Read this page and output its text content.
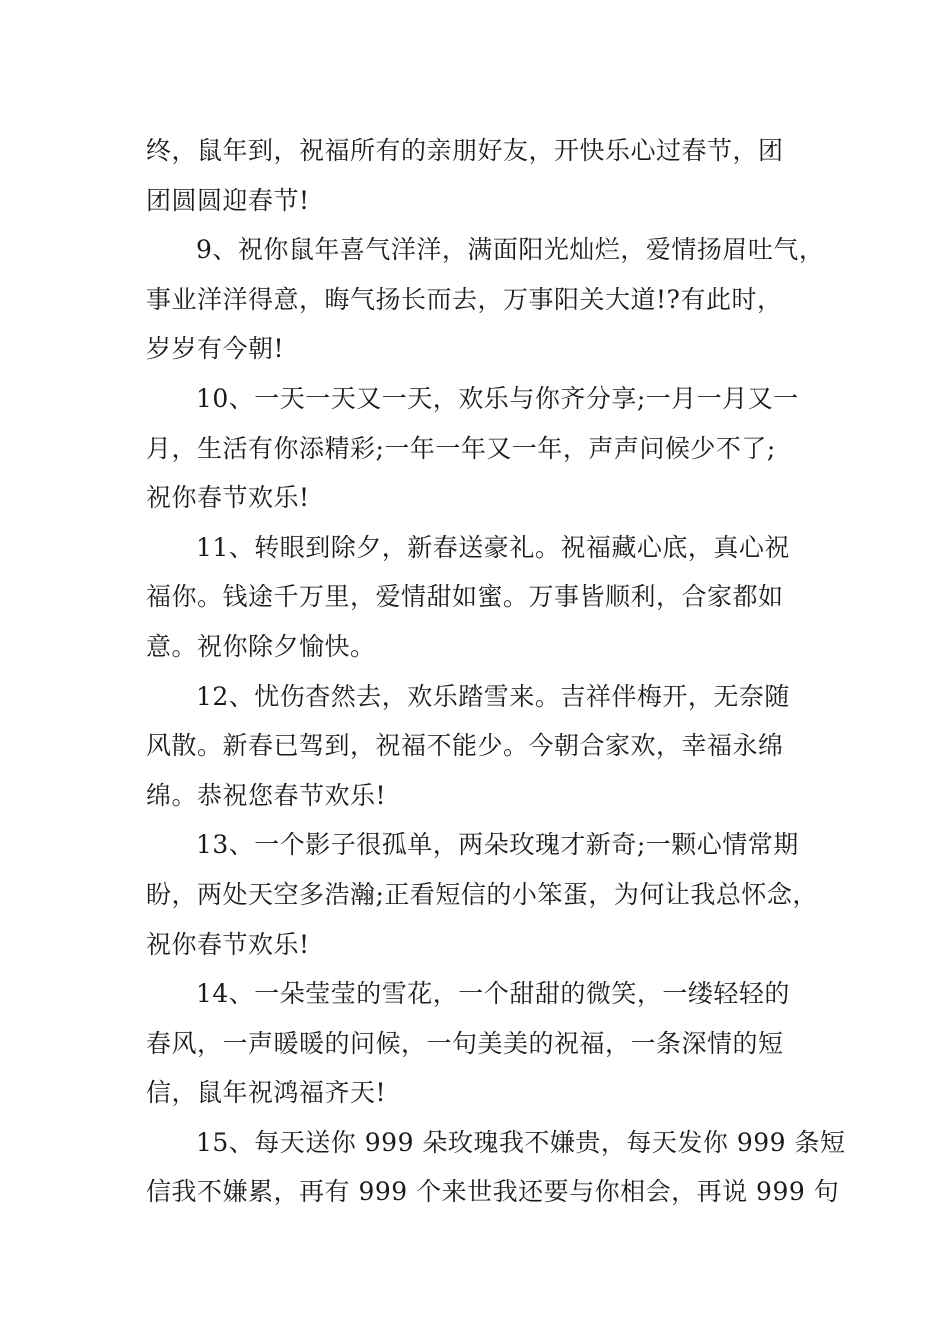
终，鼠年到，祝福所有的亲朋好友，开快乐心过春节，团
团圆圆迎春节!

9、祝你鼠年喜气洋洋，满面阳光灿烂，爱情扬眉吐气，
事业洋洋得意，晦气扬长而去，万事阳关大道!?有此时，
岁岁有今朝!

10、一天一天又一天，欢乐与你齐分享;一月一月又一
月，生活有你添精彩;一年一年又一年，声声问候少不了;
祝你春节欢乐!

11、转眼到除夕，新春送豪礼。祝福藏心底，真心祝
福你。钱途千万里，爱情甜如蜜。万事皆顺利，合家都如
意。祝你除夕愉快。

12、忧伤杳然去，欢乐踏雪来。吉祥伴梅开，无奈随
风散。新春已驾到，祝福不能少。今朝合家欢，幸福永绵
绵。恭祝您春节欢乐!

13、一个影子很孤单，两朵玫瑰才新奇;一颗心情常期
盼，两处天空多浩瀚;正看短信的小笨蛋，为何让我总怀念，
祝你春节欢乐!

14、一朵莹莹的雪花，一个甜甜的微笑，一缕轻轻的
春风，一声暖暖的问候，一句美美的祝福，一条深情的短
信，鼠年祝鸿福齐天!

15、每天送你 999 朵玫瑰我不嫌贵，每天发你 999 条短
信我不嫌累，再有 999 个来世我还要与你相会，再说 999 句
